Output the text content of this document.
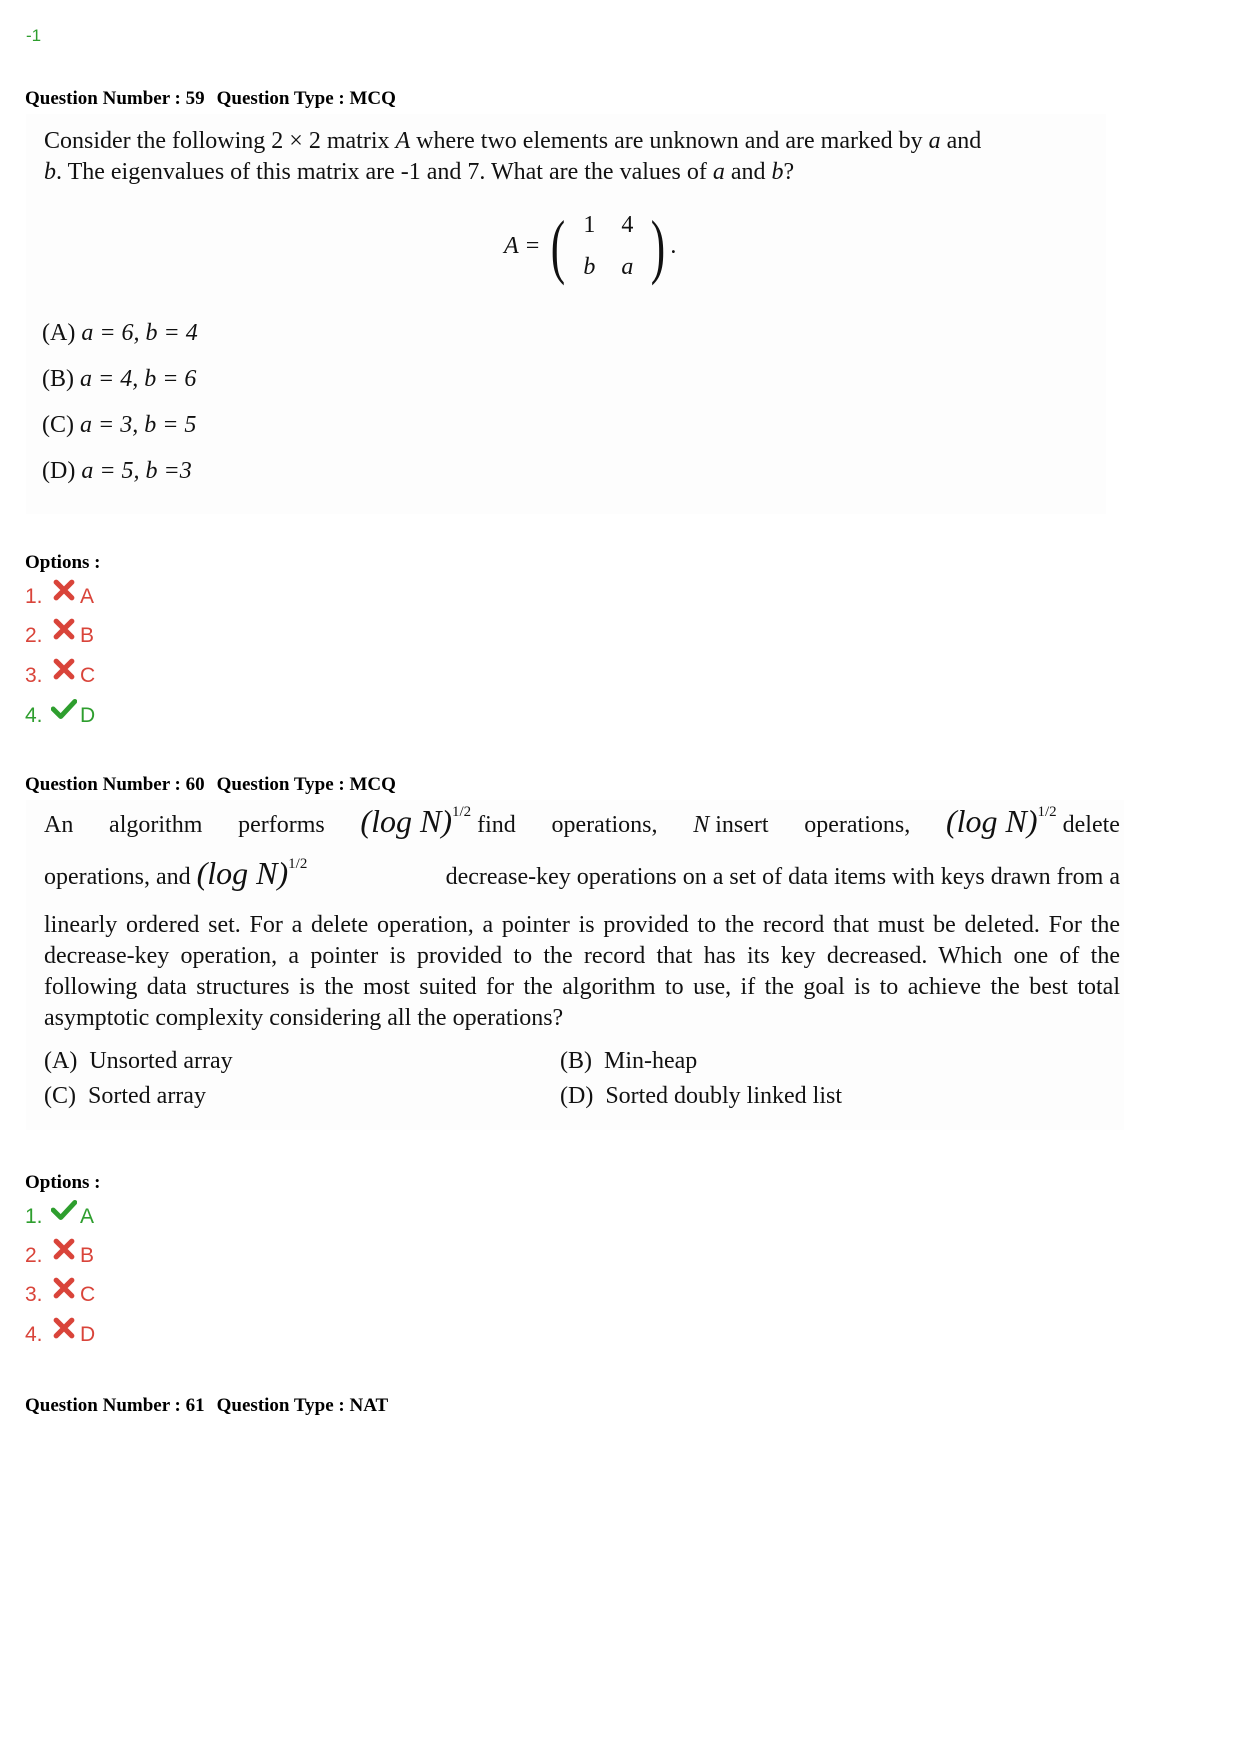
-1
Question Number : 59 Question Type : MCQ
Consider the following 2 × 2 matrix A where two elements are unknown and are marked by a and
b. The eigenvalues of this matrix are -1 and 7. What are the values of a and b?
A = ( 1	4
b	a ) .
(A) a = 6, b = 4
(B) a = 4, b = 6
(C) a = 3, b = 5
(D) a = 5, b =3
Options :
1.	A
2.	B
3.	C
4.	D
Question Number : 60 Question Type : MCQ
An algorithm performs (log N)$^{1/2}$ find operations, N insert operations, (log N)$^{1/2}$ delete
operations, and (log N)$^{1/2}$	decrease-key operations on a set of data items with keys drawn from a
linearly ordered set. For a delete operation, a pointer is provided to the record that must be deleted. For the decrease-key operation, a pointer is provided to the record that has its key decreased. Which one of the following data structures is the most suited for the algorithm to use, if the goal is to achieve the best total asymptotic complexity considering all the operations?
(A) Unsorted array	(B) Min-heap
(C) Sorted array	(D) Sorted doubly linked list
Options :
1.	A
2.	B
3.	C
4.	D
Question Number : 61 Question Type : NAT
